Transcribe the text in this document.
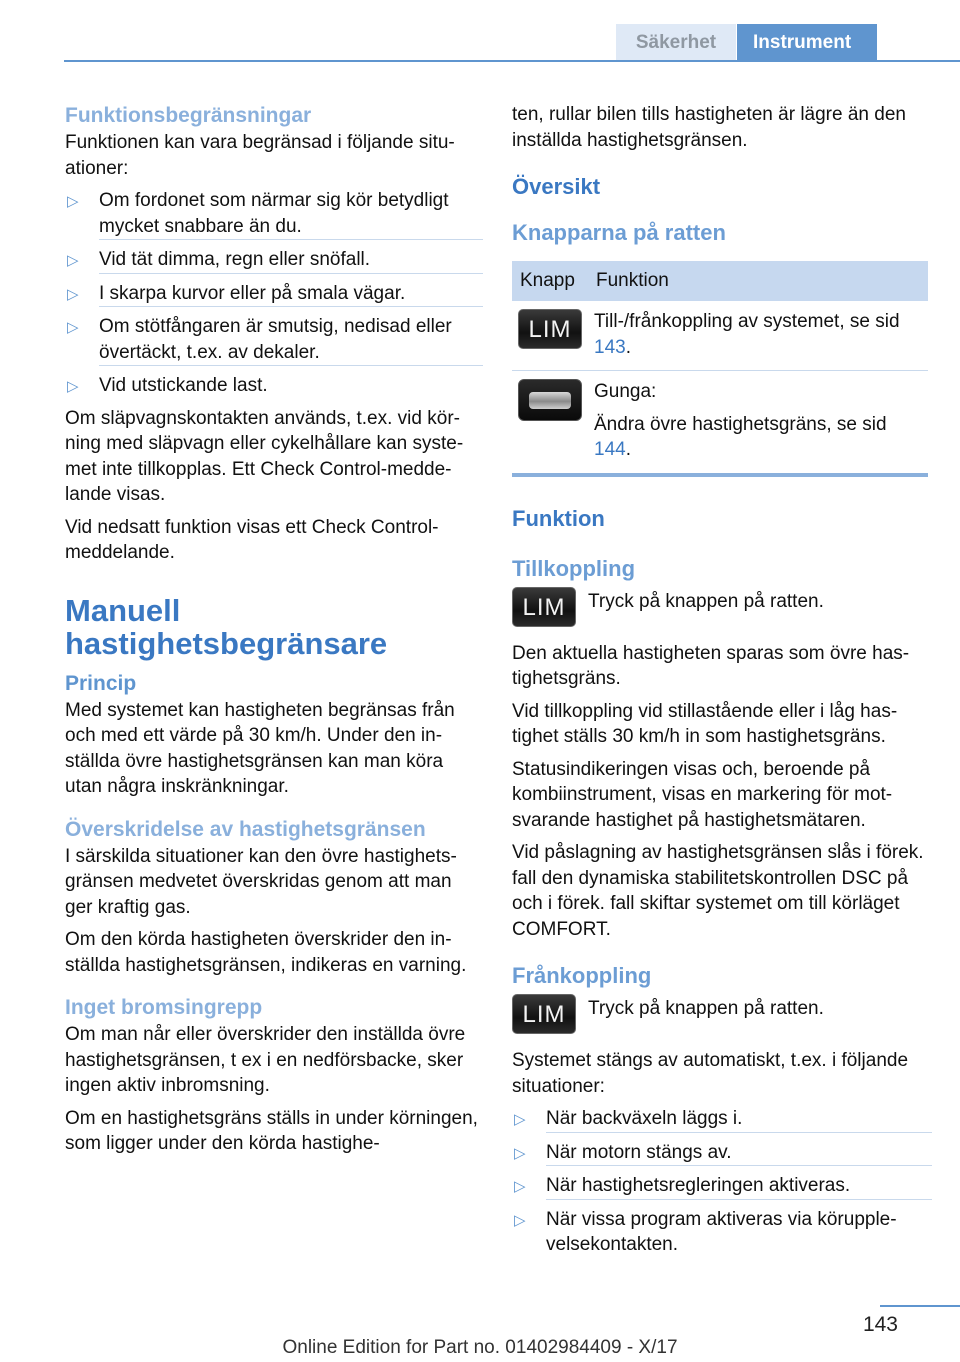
Säkerhet	Instrument
Funktionsbegränsningar

Funktionen kan vara begränsad i följande situationer:

▷ Om fordonet som närmar sig kör betydligt mycket snabbare än du.
▷ Vid tät dimma, regn eller snöfall.
▷ I skarpa kurvor eller på smala vägar.
▷ Om stötfångaren är smutsig, nedisad eller övertäckt, t.ex. av dekaler.
▷ Vid utstickande last.

Om släpvagnskontakten används, t.ex. vid körning med släpvagn eller cykelhållare kan systemet inte tillkopplas. Ett Check Control-meddelande visas.

Vid nedsatt funktion visas ett Check Control-meddelande.

Manuell hastighetsbegränsare
Princip

Med systemet kan hastigheten begränsas från och med ett värde på 30 km/h. Under den inställda övre hastighetsgränsen kan man köra utan några inskränkningar.

Överskridelse av hastighetsgränsen

I särskilda situationer kan den övre hastighetsgränsen medvetet överskridas genom att man ger kraftig gas.

Om den körda hastigheten överskrider den inställda hastighetsgränsen, indikeras en varning.

Inget bromsingrepp

Om man når eller överskrider den inställda övre hastighetsgränsen, t ex i en nedförsbacke, sker ingen aktiv inbromsning.

Om en hastighetsgräns ställs in under körningen, som ligger under den körda hastighe-

ten, rullar bilen tills hastigheten är lägre än den inställda hastighetsgränsen.

Översikt
Knapparna på ratten
Knapp	Funktion
LIM	Till-/frånkoppling av systemet, se sid 143.

	Gunga:
Ändra övre hastighetsgräns, se sid 144.
Funktion
Tillkoppling
LIM	Tryck på knappen på ratten.

Den aktuella hastigheten sparas som övre hastighetsgräns.

Vid tillkoppling vid stillastående eller i låg hastighet ställs 30 km/h in som hastighetsgräns.

Statusindikeringen visas och, beroende på kombiinstrument, visas en markering för motsvarande hastighet på hastighetsmätaren.

Vid påslagning av hastighetsgränsen slås i förek. fall den dynamiska stabilitetskontrollen DSC på och i förek. fall skiftar systemet om till körläget COMFORT.

Frånkoppling
LIM	Tryck på knappen på ratten.

Systemet stängs av automatiskt, t.ex. i följande situationer:

▷ När backväxeln läggs i.
▷ När motorn stängs av.
▷ När hastighetsregleringen aktiveras.
▷ När vissa program aktiveras via körupplevelsekontakten.
143
Online Edition for Part no. 01402984409 - X/17
